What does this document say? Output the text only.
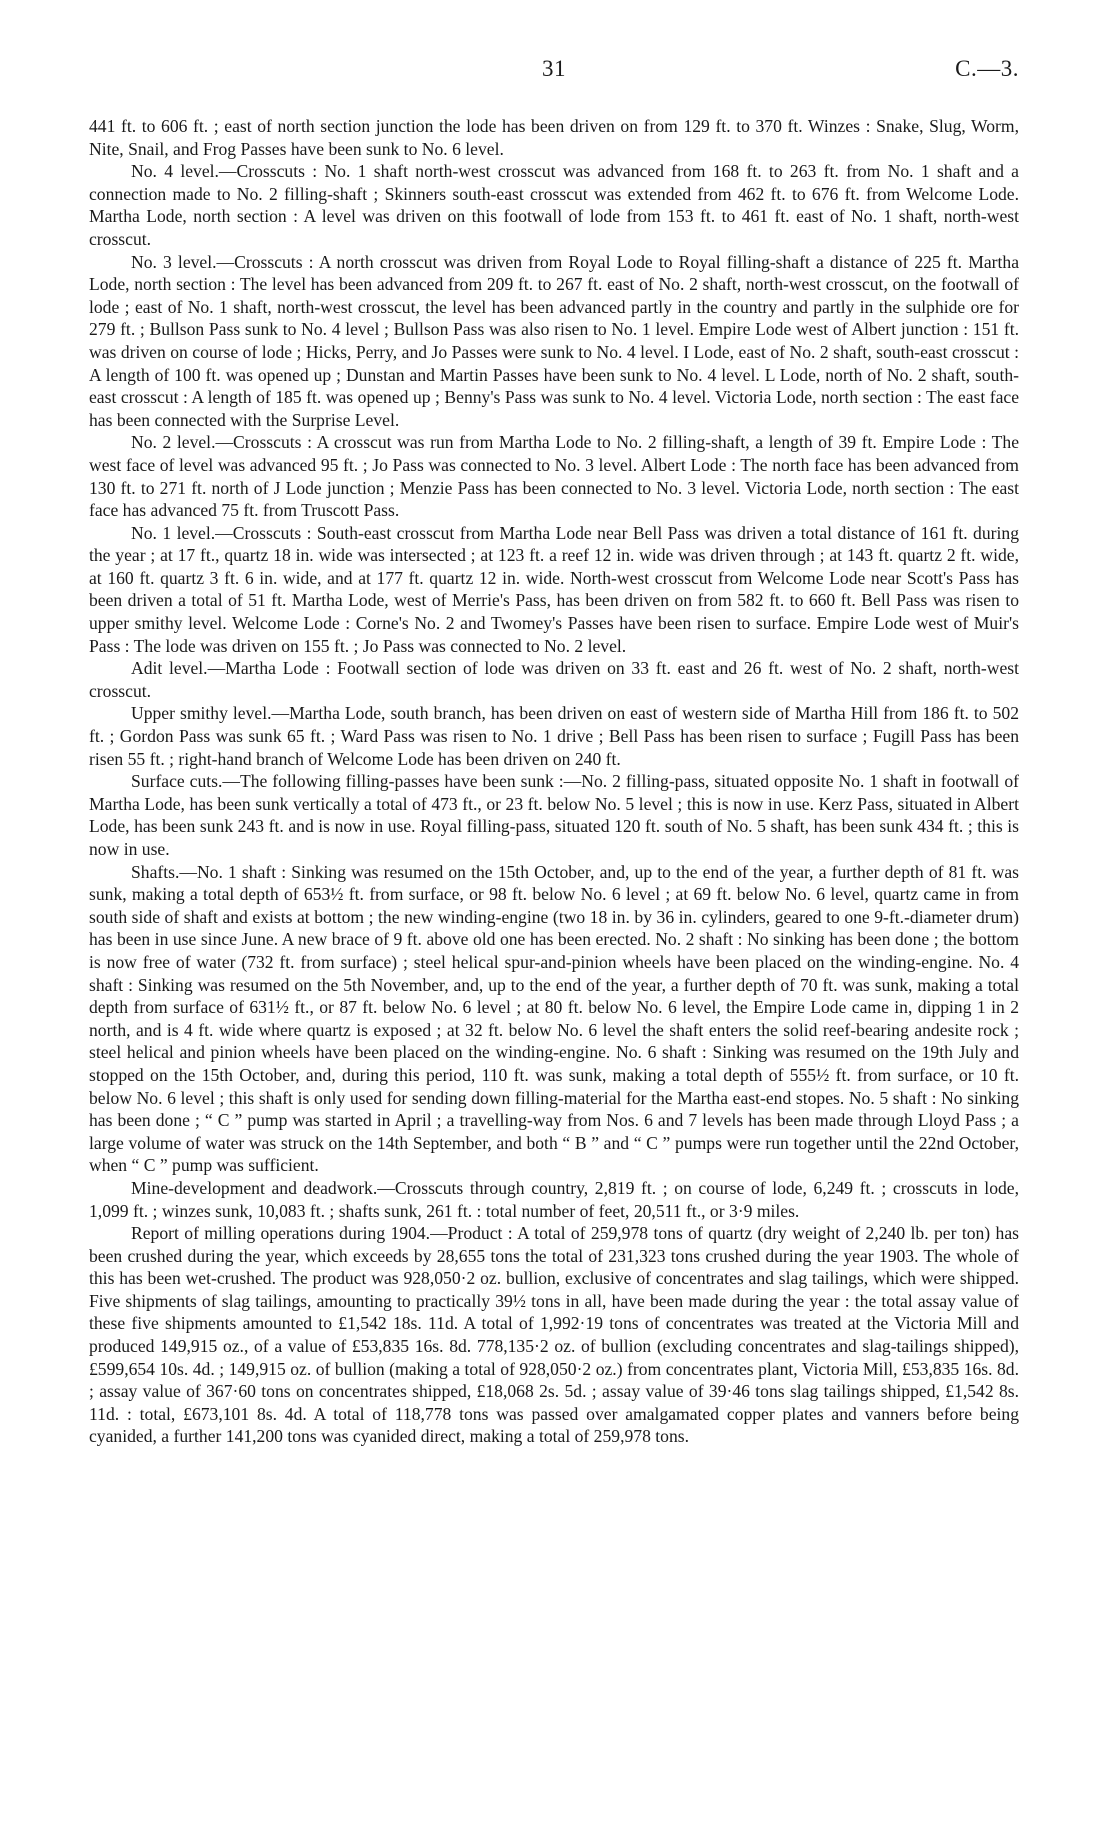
31	C.—3.

441 ft. to 606 ft. ; east of north section junction the lode has been driven on from 129 ft. to 370 ft. Winzes : Snake, Slug, Worm, Nite, Snail, and Frog Passes have been sunk to No. 6 level.

No. 4 level.—Crosscuts : No. 1 shaft north-west crosscut was advanced from 168 ft. to 263 ft. from No. 1 shaft and a connection made to No. 2 filling-shaft ; Skinners south-east crosscut was extended from 462 ft. to 676 ft. from Welcome Lode. Martha Lode, north section : A level was driven on this footwall of lode from 153 ft. to 461 ft. east of No. 1 shaft, north-west crosscut.

No. 3 level.—Crosscuts : A north crosscut was driven from Royal Lode to Royal filling-shaft a distance of 225 ft. Martha Lode, north section : The level has been advanced from 209 ft. to 267 ft. east of No. 2 shaft, north-west crosscut, on the footwall of lode ; east of No. 1 shaft, north-west crosscut, the level has been advanced partly in the country and partly in the sulphide ore for 279 ft. ; Bullson Pass sunk to No. 4 level ; Bullson Pass was also risen to No. 1 level. Empire Lode west of Albert junction : 151 ft. was driven on course of lode ; Hicks, Perry, and Jo Passes were sunk to No. 4 level. I Lode, east of No. 2 shaft, south-east crosscut : A length of 100 ft. was opened up ; Dunstan and Martin Passes have been sunk to No. 4 level. L Lode, north of No. 2 shaft, south-east crosscut : A length of 185 ft. was opened up ; Benny's Pass was sunk to No. 4 level. Victoria Lode, north section : The east face has been connected with the Surprise Level.

No. 2 level.—Crosscuts : A crosscut was run from Martha Lode to No. 2 filling-shaft, a length of 39 ft. Empire Lode : The west face of level was advanced 95 ft. ; Jo Pass was connected to No. 3 level. Albert Lode : The north face has been advanced from 130 ft. to 271 ft. north of J Lode junction ; Menzie Pass has been connected to No. 3 level. Victoria Lode, north section : The east face has advanced 75 ft. from Truscott Pass.

No. 1 level.—Crosscuts : South-east crosscut from Martha Lode near Bell Pass was driven a total distance of 161 ft. during the year ; at 17 ft., quartz 18 in. wide was intersected ; at 123 ft. a reef 12 in. wide was driven through ; at 143 ft. quartz 2 ft. wide, at 160 ft. quartz 3 ft. 6 in. wide, and at 177 ft. quartz 12 in. wide. North-west crosscut from Welcome Lode near Scott's Pass has been driven a total of 51 ft. Martha Lode, west of Merrie's Pass, has been driven on from 582 ft. to 660 ft. Bell Pass was risen to upper smithy level. Welcome Lode : Corne's No. 2 and Twomey's Passes have been risen to surface. Empire Lode west of Muir's Pass : The lode was driven on 155 ft. ; Jo Pass was connected to No. 2 level.

Adit level.—Martha Lode : Footwall section of lode was driven on 33 ft. east and 26 ft. west of No. 2 shaft, north-west crosscut.

Upper smithy level.—Martha Lode, south branch, has been driven on east of western side of Martha Hill from 186 ft. to 502 ft. ; Gordon Pass was sunk 65 ft. ; Ward Pass was risen to No. 1 drive ; Bell Pass has been risen to surface ; Fugill Pass has been risen 55 ft. ; right-hand branch of Welcome Lode has been driven on 240 ft.

Surface cuts.—The following filling-passes have been sunk :—No. 2 filling-pass, situated opposite No. 1 shaft in footwall of Martha Lode, has been sunk vertically a total of 473 ft., or 23 ft. below No. 5 level ; this is now in use. Kerz Pass, situated in Albert Lode, has been sunk 243 ft. and is now in use. Royal filling-pass, situated 120 ft. south of No. 5 shaft, has been sunk 434 ft. ; this is now in use.

Shafts.—No. 1 shaft : Sinking was resumed on the 15th October, and, up to the end of the year, a further depth of 81 ft. was sunk, making a total depth of 653½ ft. from surface, or 98 ft. below No. 6 level ; at 69 ft. below No. 6 level, quartz came in from south side of shaft and exists at bottom ; the new winding-engine (two 18 in. by 36 in. cylinders, geared to one 9-ft.-diameter drum) has been in use since June. A new brace of 9 ft. above old one has been erected. No. 2 shaft : No sinking has been done ; the bottom is now free of water (732 ft. from surface) ; steel helical spur-and-pinion wheels have been placed on the winding-engine. No. 4 shaft : Sinking was resumed on the 5th November, and, up to the end of the year, a further depth of 70 ft. was sunk, making a total depth from surface of 631½ ft., or 87 ft. below No. 6 level ; at 80 ft. below No. 6 level, the Empire Lode came in, dipping 1 in 2 north, and is 4 ft. wide where quartz is exposed ; at 32 ft. below No. 6 level the shaft enters the solid reef-bearing andesite rock ; steel helical and pinion wheels have been placed on the winding-engine. No. 6 shaft : Sinking was resumed on the 19th July and stopped on the 15th October, and, during this period, 110 ft. was sunk, making a total depth of 555½ ft. from surface, or 10 ft. below No. 6 level ; this shaft is only used for sending down filling-material for the Martha east-end stopes. No. 5 shaft : No sinking has been done ; “ C ” pump was started in April ; a travelling-way from Nos. 6 and 7 levels has been made through Lloyd Pass ; a large volume of water was struck on the 14th September, and both “ B ” and “ C ” pumps were run together until the 22nd October, when “ C ” pump was sufficient.

Mine-development and deadwork.—Crosscuts through country, 2,819 ft. ; on course of lode, 6,249 ft. ; crosscuts in lode, 1,099 ft. ; winzes sunk, 10,083 ft. ; shafts sunk, 261 ft. : total number of feet, 20,511 ft., or 3·9 miles.

Report of milling operations during 1904.—Product : A total of 259,978 tons of quartz (dry weight of 2,240 lb. per ton) has been crushed during the year, which exceeds by 28,655 tons the total of 231,323 tons crushed during the year 1903. The whole of this has been wet-crushed. The product was 928,050·2 oz. bullion, exclusive of concentrates and slag tailings, which were shipped. Five shipments of slag tailings, amounting to practically 39½ tons in all, have been made during the year : the total assay value of these five shipments amounted to £1,542 18s. 11d. A total of 1,992·19 tons of concentrates was treated at the Victoria Mill and produced 149,915 oz., of a value of £53,835 16s. 8d. 778,135·2 oz. of bullion (excluding concentrates and slag-tailings shipped), £599,654 10s. 4d. ; 149,915 oz. of bullion (making a total of 928,050·2 oz.) from concentrates plant, Victoria Mill, £53,835 16s. 8d. ; assay value of 367·60 tons on concentrates shipped, £18,068 2s. 5d. ; assay value of 39·46 tons slag tailings shipped, £1,542 8s. 11d. : total, £673,101 8s. 4d. A total of 118,778 tons was passed over amalgamated copper plates and vanners before being cyanided, a further 141,200 tons was cyanided direct, making a total of 259,978 tons.
